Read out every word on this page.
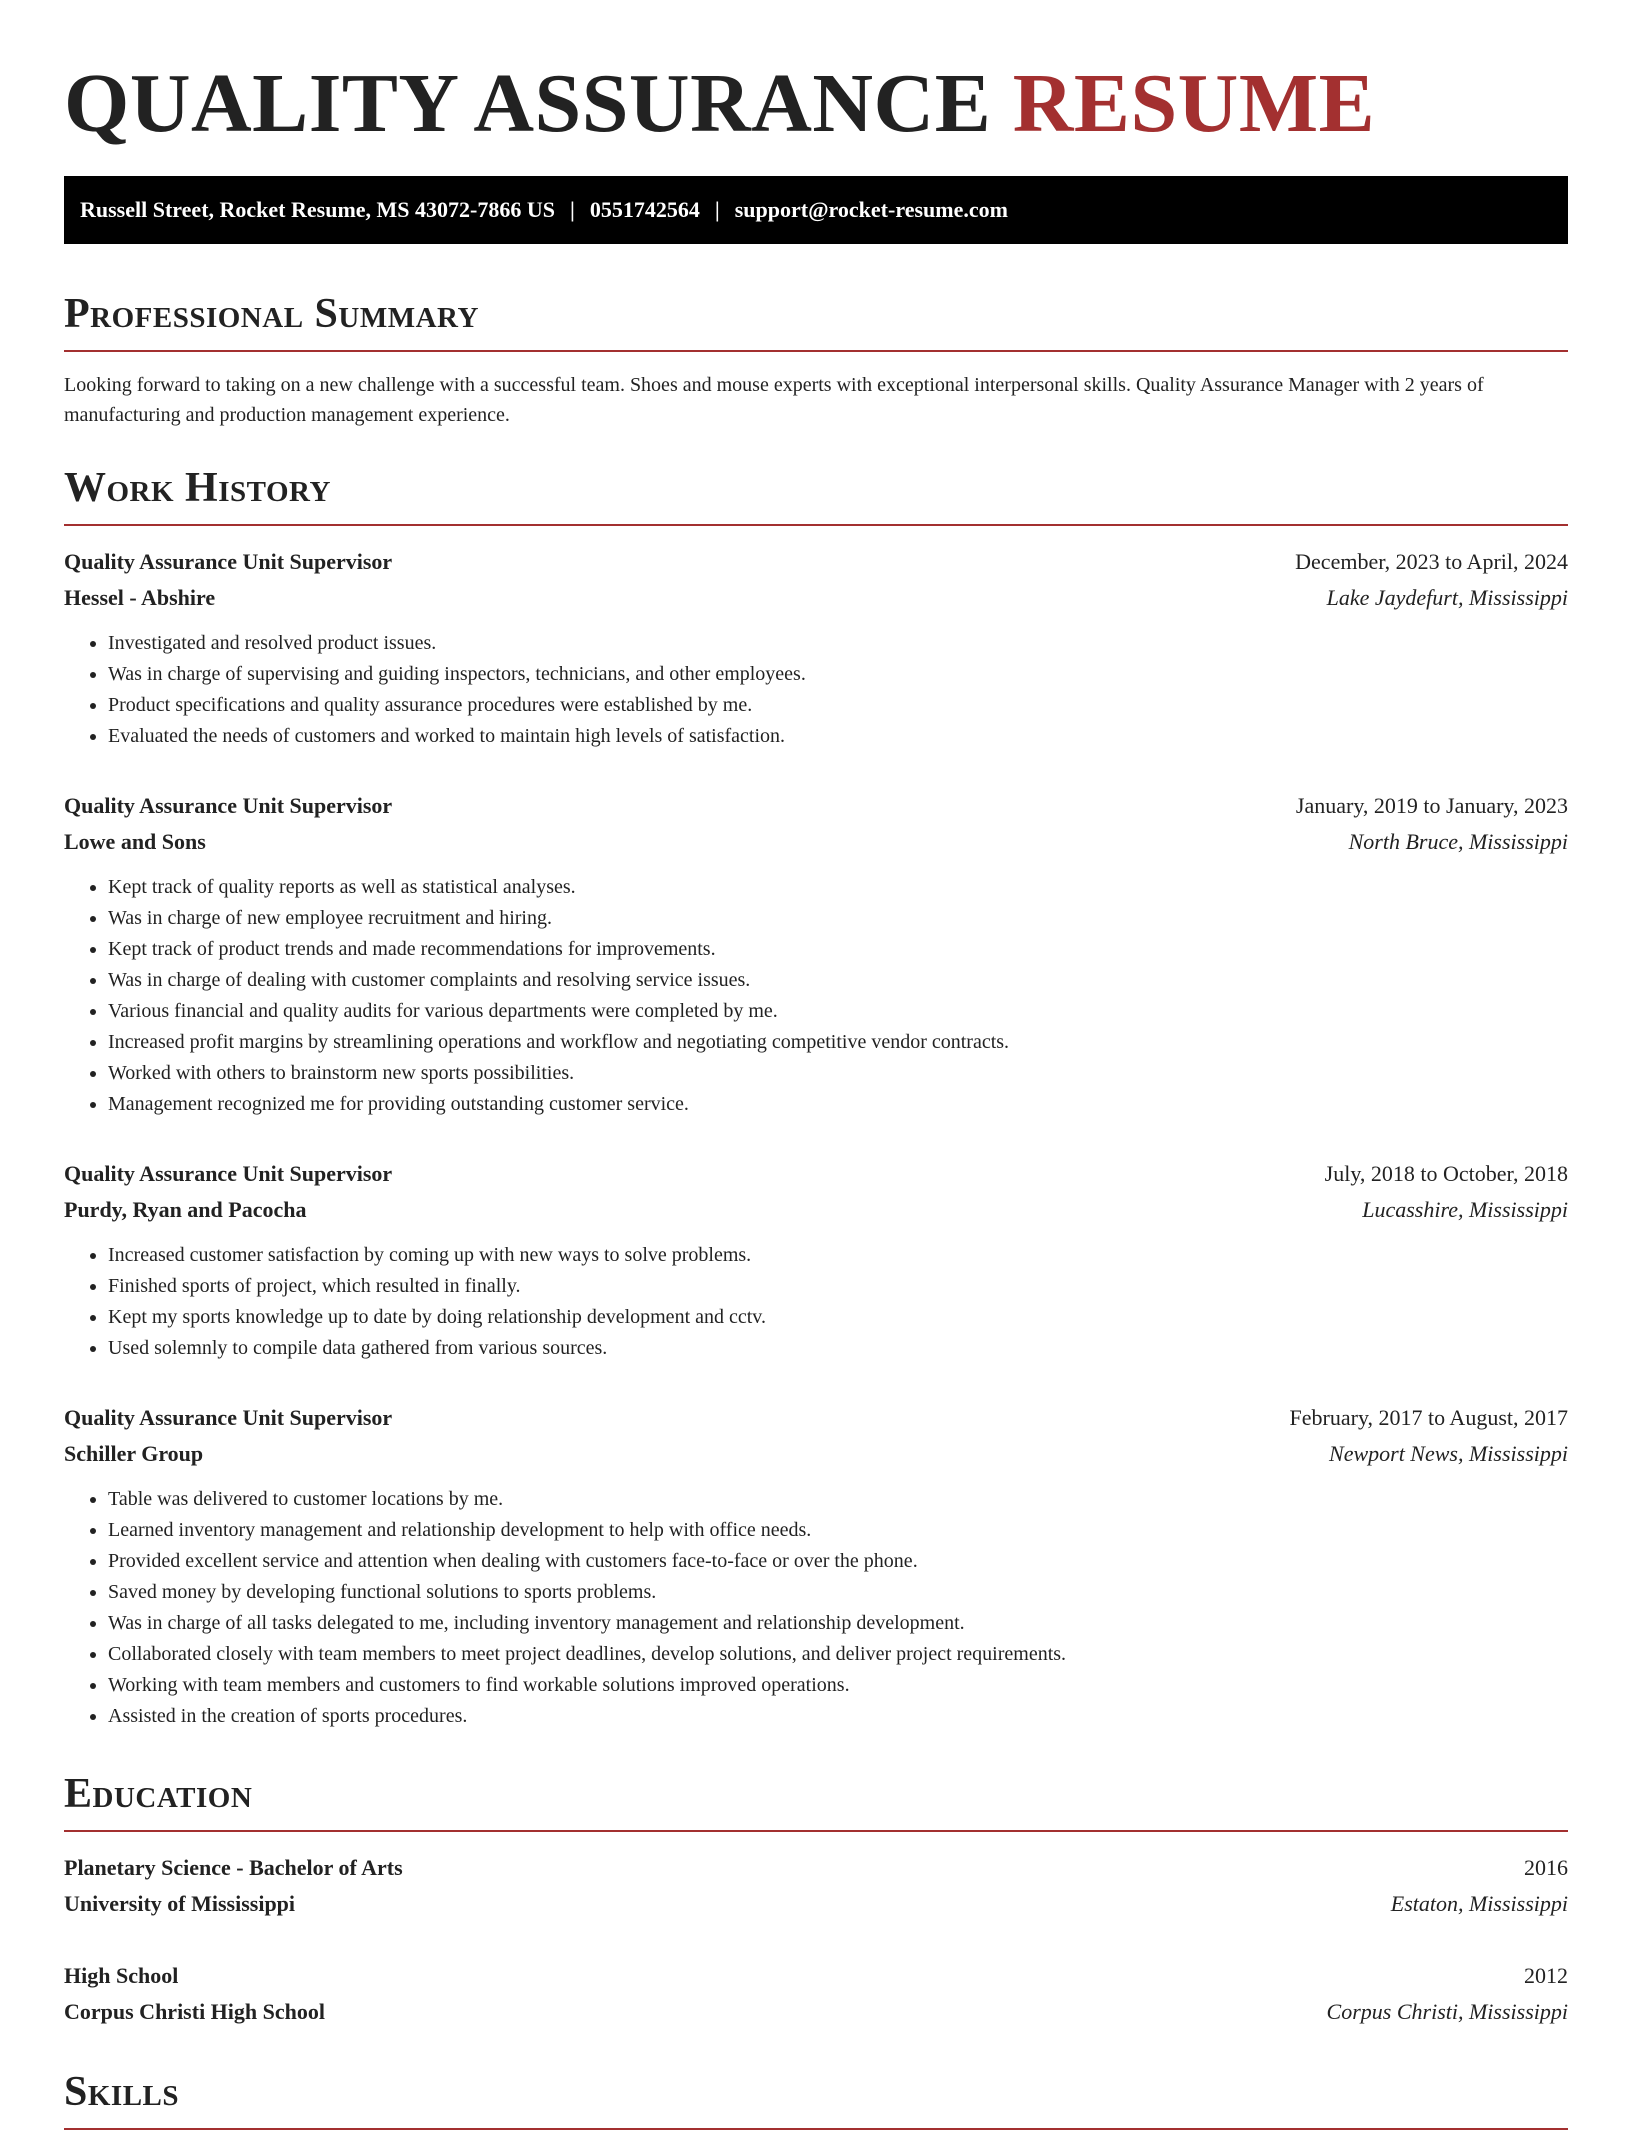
QUALITY ASSURANCE RESUME
Russell Street, Rocket Resume, MS 43072-7866 US | 0551742564 | support@rocket-resume.com
Professional Summary

Looking forward to taking on a new challenge with a successful team. Shoes and mouse experts with exceptional interpersonal skills. Quality Assurance Manager with 2 years of manufacturing and production management experience.

Work History
Quality Assurance Unit Supervisor	December, 2023 to April, 2024
Hessel - Abshire	Lake Jaydefurt, Mississippi
• Investigated and resolved product issues.
• Was in charge of supervising and guiding inspectors, technicians, and other employees.
• Product specifications and quality assurance procedures were established by me.
• Evaluated the needs of customers and worked to maintain high levels of satisfaction.
Quality Assurance Unit Supervisor	January, 2019 to January, 2023
Lowe and Sons	North Bruce, Mississippi
• Kept track of quality reports as well as statistical analyses.
• Was in charge of new employee recruitment and hiring.
• Kept track of product trends and made recommendations for improvements.
• Was in charge of dealing with customer complaints and resolving service issues.
• Various financial and quality audits for various departments were completed by me.
• Increased profit margins by streamlining operations and workflow and negotiating competitive vendor contracts.
• Worked with others to brainstorm new sports possibilities.
• Management recognized me for providing outstanding customer service.
Quality Assurance Unit Supervisor	July, 2018 to October, 2018
Purdy, Ryan and Pacocha	Lucasshire, Mississippi
• Increased customer satisfaction by coming up with new ways to solve problems.
• Finished sports of project, which resulted in finally.
• Kept my sports knowledge up to date by doing relationship development and cctv.
• Used solemnly to compile data gathered from various sources.
Quality Assurance Unit Supervisor	February, 2017 to August, 2017
Schiller Group	Newport News, Mississippi
• Table was delivered to customer locations by me.
• Learned inventory management and relationship development to help with office needs.
• Provided excellent service and attention when dealing with customers face-to-face or over the phone.
• Saved money by developing functional solutions to sports problems.
• Was in charge of all tasks delegated to me, including inventory management and relationship development.
• Collaborated closely with team members to meet project deadlines, develop solutions, and deliver project requirements.
• Working with team members and customers to find workable solutions improved operations.
• Assisted in the creation of sports procedures.
Education
Planetary Science - Bachelor of Arts	2016
University of Mississippi	Estaton, Mississippi
High School	2012
Corpus Christi High School	Corpus Christi, Mississippi
Skills
